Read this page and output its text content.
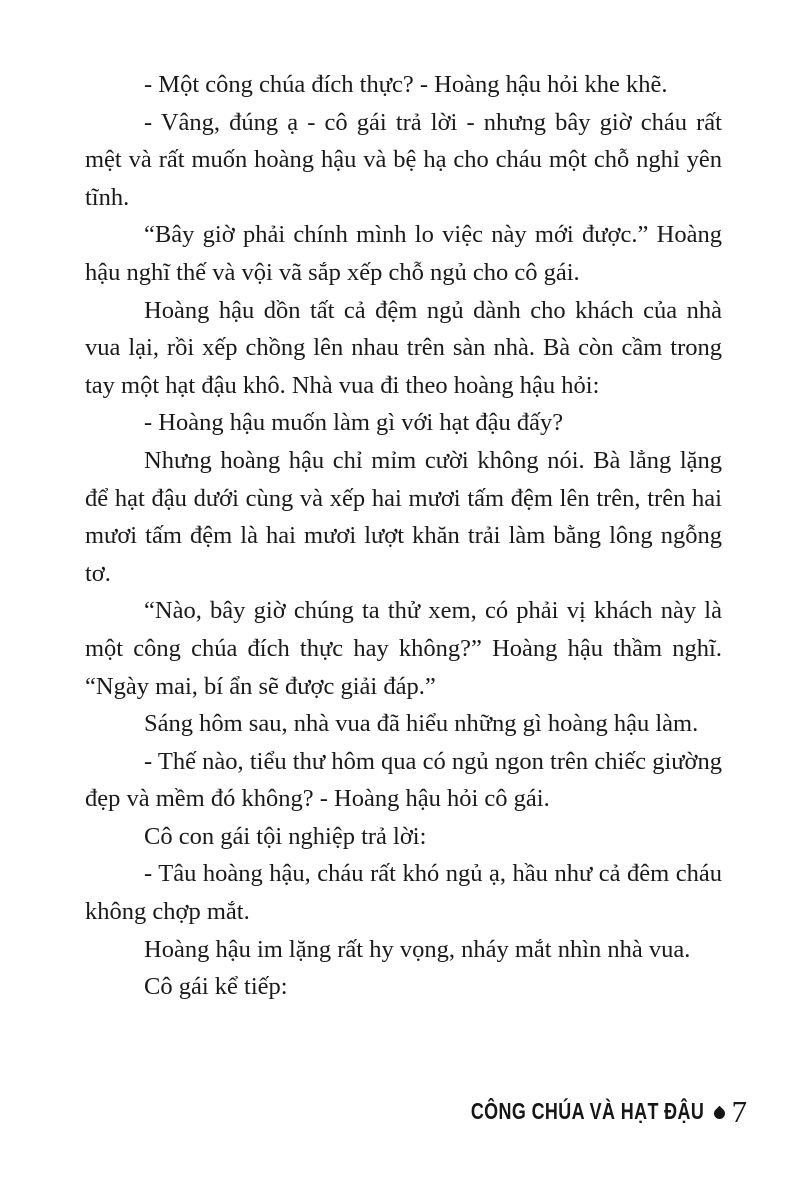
- Một công chúa đích thực? - Hoàng hậu hỏi khe khẽ.

- Vâng, đúng ạ - cô gái trả lời - nhưng bây giờ cháu rất mệt và rất muốn hoàng hậu và bệ hạ cho cháu một chỗ nghỉ yên tĩnh.

“Bây giờ phải chính mình lo việc này mới được.” Hoàng hậu nghĩ thế và vội vã sắp xếp chỗ ngủ cho cô gái.

Hoàng hậu dồn tất cả đệm ngủ dành cho khách của nhà vua lại, rồi xếp chồng lên nhau trên sàn nhà. Bà còn cầm trong tay một hạt đậu khô. Nhà vua đi theo hoàng hậu hỏi:

- Hoàng hậu muốn làm gì với hạt đậu đấy?

Nhưng hoàng hậu chỉ mỉm cười không nói. Bà lẳng lặng để hạt đậu dưới cùng và xếp hai mươi tấm đệm lên trên, trên hai mươi tấm đệm là hai mươi lượt khăn trải làm bằng lông ngỗng tơ.

“Nào, bây giờ chúng ta thử xem, có phải vị khách này là một công chúa đích thực hay không?” Hoàng hậu thầm nghĩ. “Ngày mai, bí ẩn sẽ được giải đáp.”

Sáng hôm sau, nhà vua đã hiểu những gì hoàng hậu làm.

- Thế nào, tiểu thư hôm qua có ngủ ngon trên chiếc giường đẹp và mềm đó không? - Hoàng hậu hỏi cô gái.

Cô con gái tội nghiệp trả lời:

- Tâu hoàng hậu, cháu rất khó ngủ ạ, hầu như cả đêm cháu không chợp mắt.

Hoàng hậu im lặng rất hy vọng, nháy mắt nhìn nhà vua.

Cô gái kể tiếp:

CÔNG CHÚA VÀ HẠT ĐẬU 7
